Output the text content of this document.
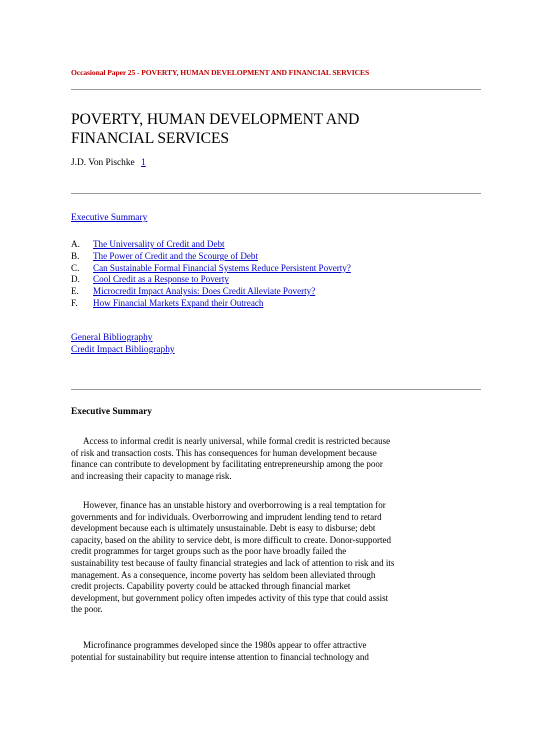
Occasional Paper 25 - POVERTY, HUMAN DEVELOPMENT AND FINANCIAL SERVICES
POVERTY, HUMAN DEVELOPMENT AND
FINANCIAL SERVICES
J.D. Von Pischke 1
Executive Summary
A. The Universality of Credit and Debt
B. The Power of Credit and the Scourge of Debt
C. Can Sustainable Formal Financial Systems Reduce Persistent Poverty?
D. Cool Credit as a Response to Poverty
E. Microcredit Impact Analysis: Does Credit Alleviate Poverty?
F. How Financial Markets Expand their Outreach
General Bibliography
Credit Impact Bibliography
Executive Summary

Access to informal credit is nearly universal, while formal credit is restricted because
of risk and transaction costs. This has consequences for human development because
finance can contribute to development by facilitating entrepreneurship among the poor
and increasing their capacity to manage risk.

However, finance has an unstable history and overborrowing is a real temptation for
governments and for individuals. Overborrowing and imprudent lending tend to retard
development because each is ultimately unsustainable. Debt is easy to disburse; debt
capacity, based on the ability to service debt, is more difficult to create. Donor-supported
credit programmes for target groups such as the poor have broadly failed the
sustainability test because of faulty financial strategies and lack of attention to risk and its
management. As a consequence, income poverty has seldom been alleviated through
credit projects. Capability poverty could be attacked through financial market
development, but government policy often impedes activity of this type that could assist
the poor.

Microfinance programmes developed since the 1980s appear to offer attractive
potential for sustainability but require intense attention to financial technology and
